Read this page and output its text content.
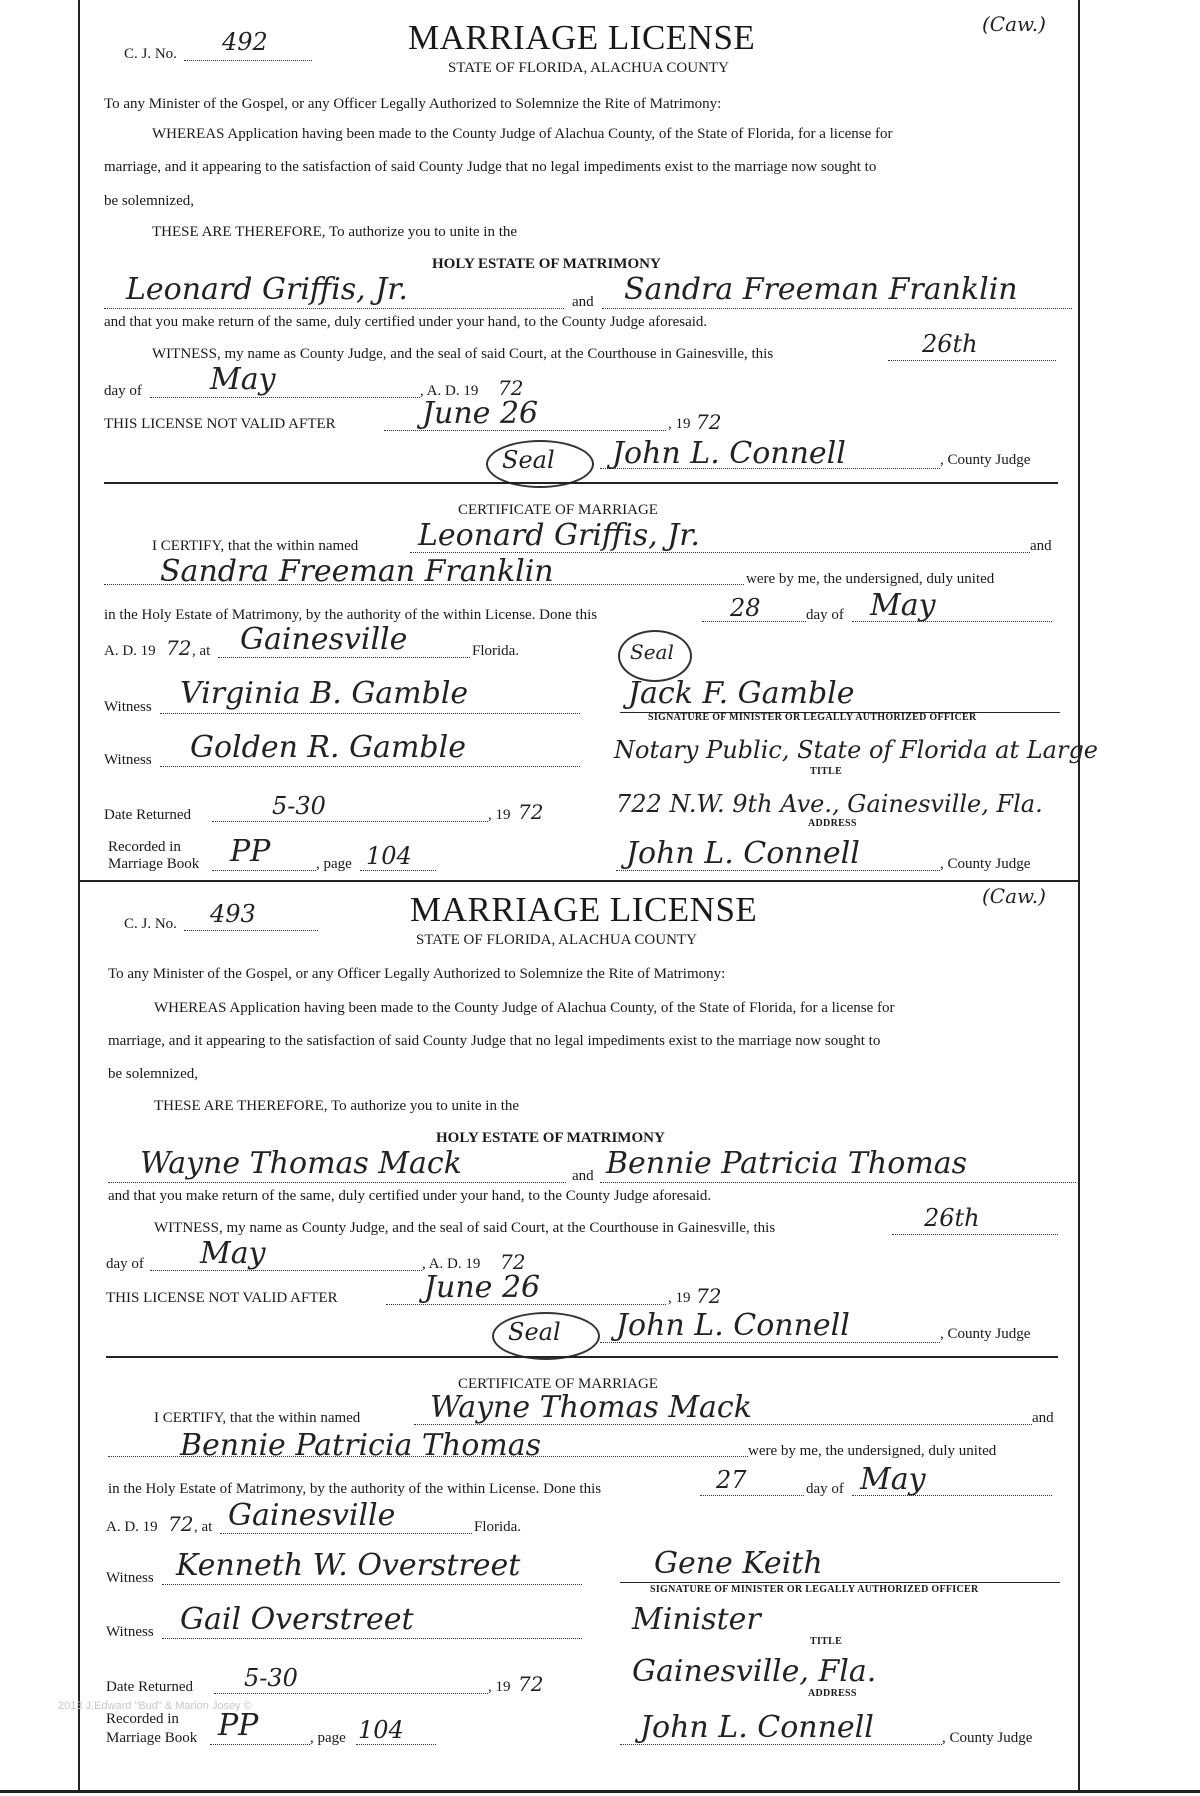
C. J. No. 492	MARRIAGE LICENSE
STATE OF FLORIDA, ALACHUA COUNTY
(Caw.)
To any Minister of the Gospel, or any Officer Legally Authorized to Solemnize the Rite of Matrimony:
WHEREAS Application having been made to the County Judge of Alachua County, of the State of Florida, for a license for
marriage, and it appearing to the satisfaction of said County Judge that no legal impediments exist to the marriage now sought to
be solemnized,
THESE ARE THEREFORE, To authorize you to unite in the
HOLY ESTATE OF MATRIMONY
Leonard Griffis, Jr.	and Sandra Freeman Franklin
and that you make return of the same, duly certified under your hand, to the County Judge aforesaid.
WITNESS, my name as County Judge, and the seal of said Court, at the Courthouse in Gainesville, this	26th
day of May	, A. D. 19 72
THIS LICENSE NOT VALID AFTER	June 26	, 19 72
Seal John L. Connell	, County Judge
CERTIFICATE OF MARRIAGE
I CERTIFY, that the within named Leonard Griffis, Jr.	and
Sandra Freeman Franklin	were by me, the undersigned, duly united
in the Holy Estate of Matrimony, by the authority of the within License. Done this	28	day of May
A. D. 19 72 , at Gainesville	Florida.	Seal
Witness Virginia B. Gamble	Jack F. Gamble
SIGNATURE OF MINISTER OR LEGALLY AUTHORIZED OFFICER
Witness Golden R. Gamble	Notary Public, State of Florida at Large
TITLE
Date Returned	5-30	, 19 72	722 N.W. 9th Ave., Gainesville, Fla.
ADDRESS
Recorded in
Marriage Book PP	, page 104	John L. Connell	, County Judge
C. J. No. 493	MARRIAGE LICENSE
STATE OF FLORIDA, ALACHUA COUNTY
(Caw.)
To any Minister of the Gospel, or any Officer Legally Authorized to Solemnize the Rite of Matrimony:
WHEREAS Application having been made to the County Judge of Alachua County, of the State of Florida, for a license for
marriage, and it appearing to the satisfaction of said County Judge that no legal impediments exist to the marriage now sought to
be solemnized,
THESE ARE THEREFORE, To authorize you to unite in the
HOLY ESTATE OF MATRIMONY
Wayne Thomas Mack	and Bennie Patricia Thomas
and that you make return of the same, duly certified under your hand, to the County Judge aforesaid.
WITNESS, my name as County Judge, and the seal of said Court, at the Courthouse in Gainesville, this	26th
day of May	, A. D. 19 72
THIS LICENSE NOT VALID AFTER	June 26	, 19 72
Seal John L. Connell	, County Judge
CERTIFICATE OF MARRIAGE
I CERTIFY, that the within named Wayne Thomas Mack	and
Bennie Patricia Thomas	were by me, the undersigned, duly united
in the Holy Estate of Matrimony, by the authority of the within License. Done this	27	day of May
A. D. 19 72 , at Gainesville	Florida.
Witness Kenneth W. Overstreet	Gene Keith
SIGNATURE OF MINISTER OR LEGALLY AUTHORIZED OFFICER
Witness Gail Overstreet	Minister
TITLE
Date Returned 5-30	, 19 72	Gainesville, Fla.
ADDRESS
Recorded in
Marriage Book PP	, page 104	John L. Connell	, County Judge
2013 J.Edward "Bud" & Marion Josey ©
